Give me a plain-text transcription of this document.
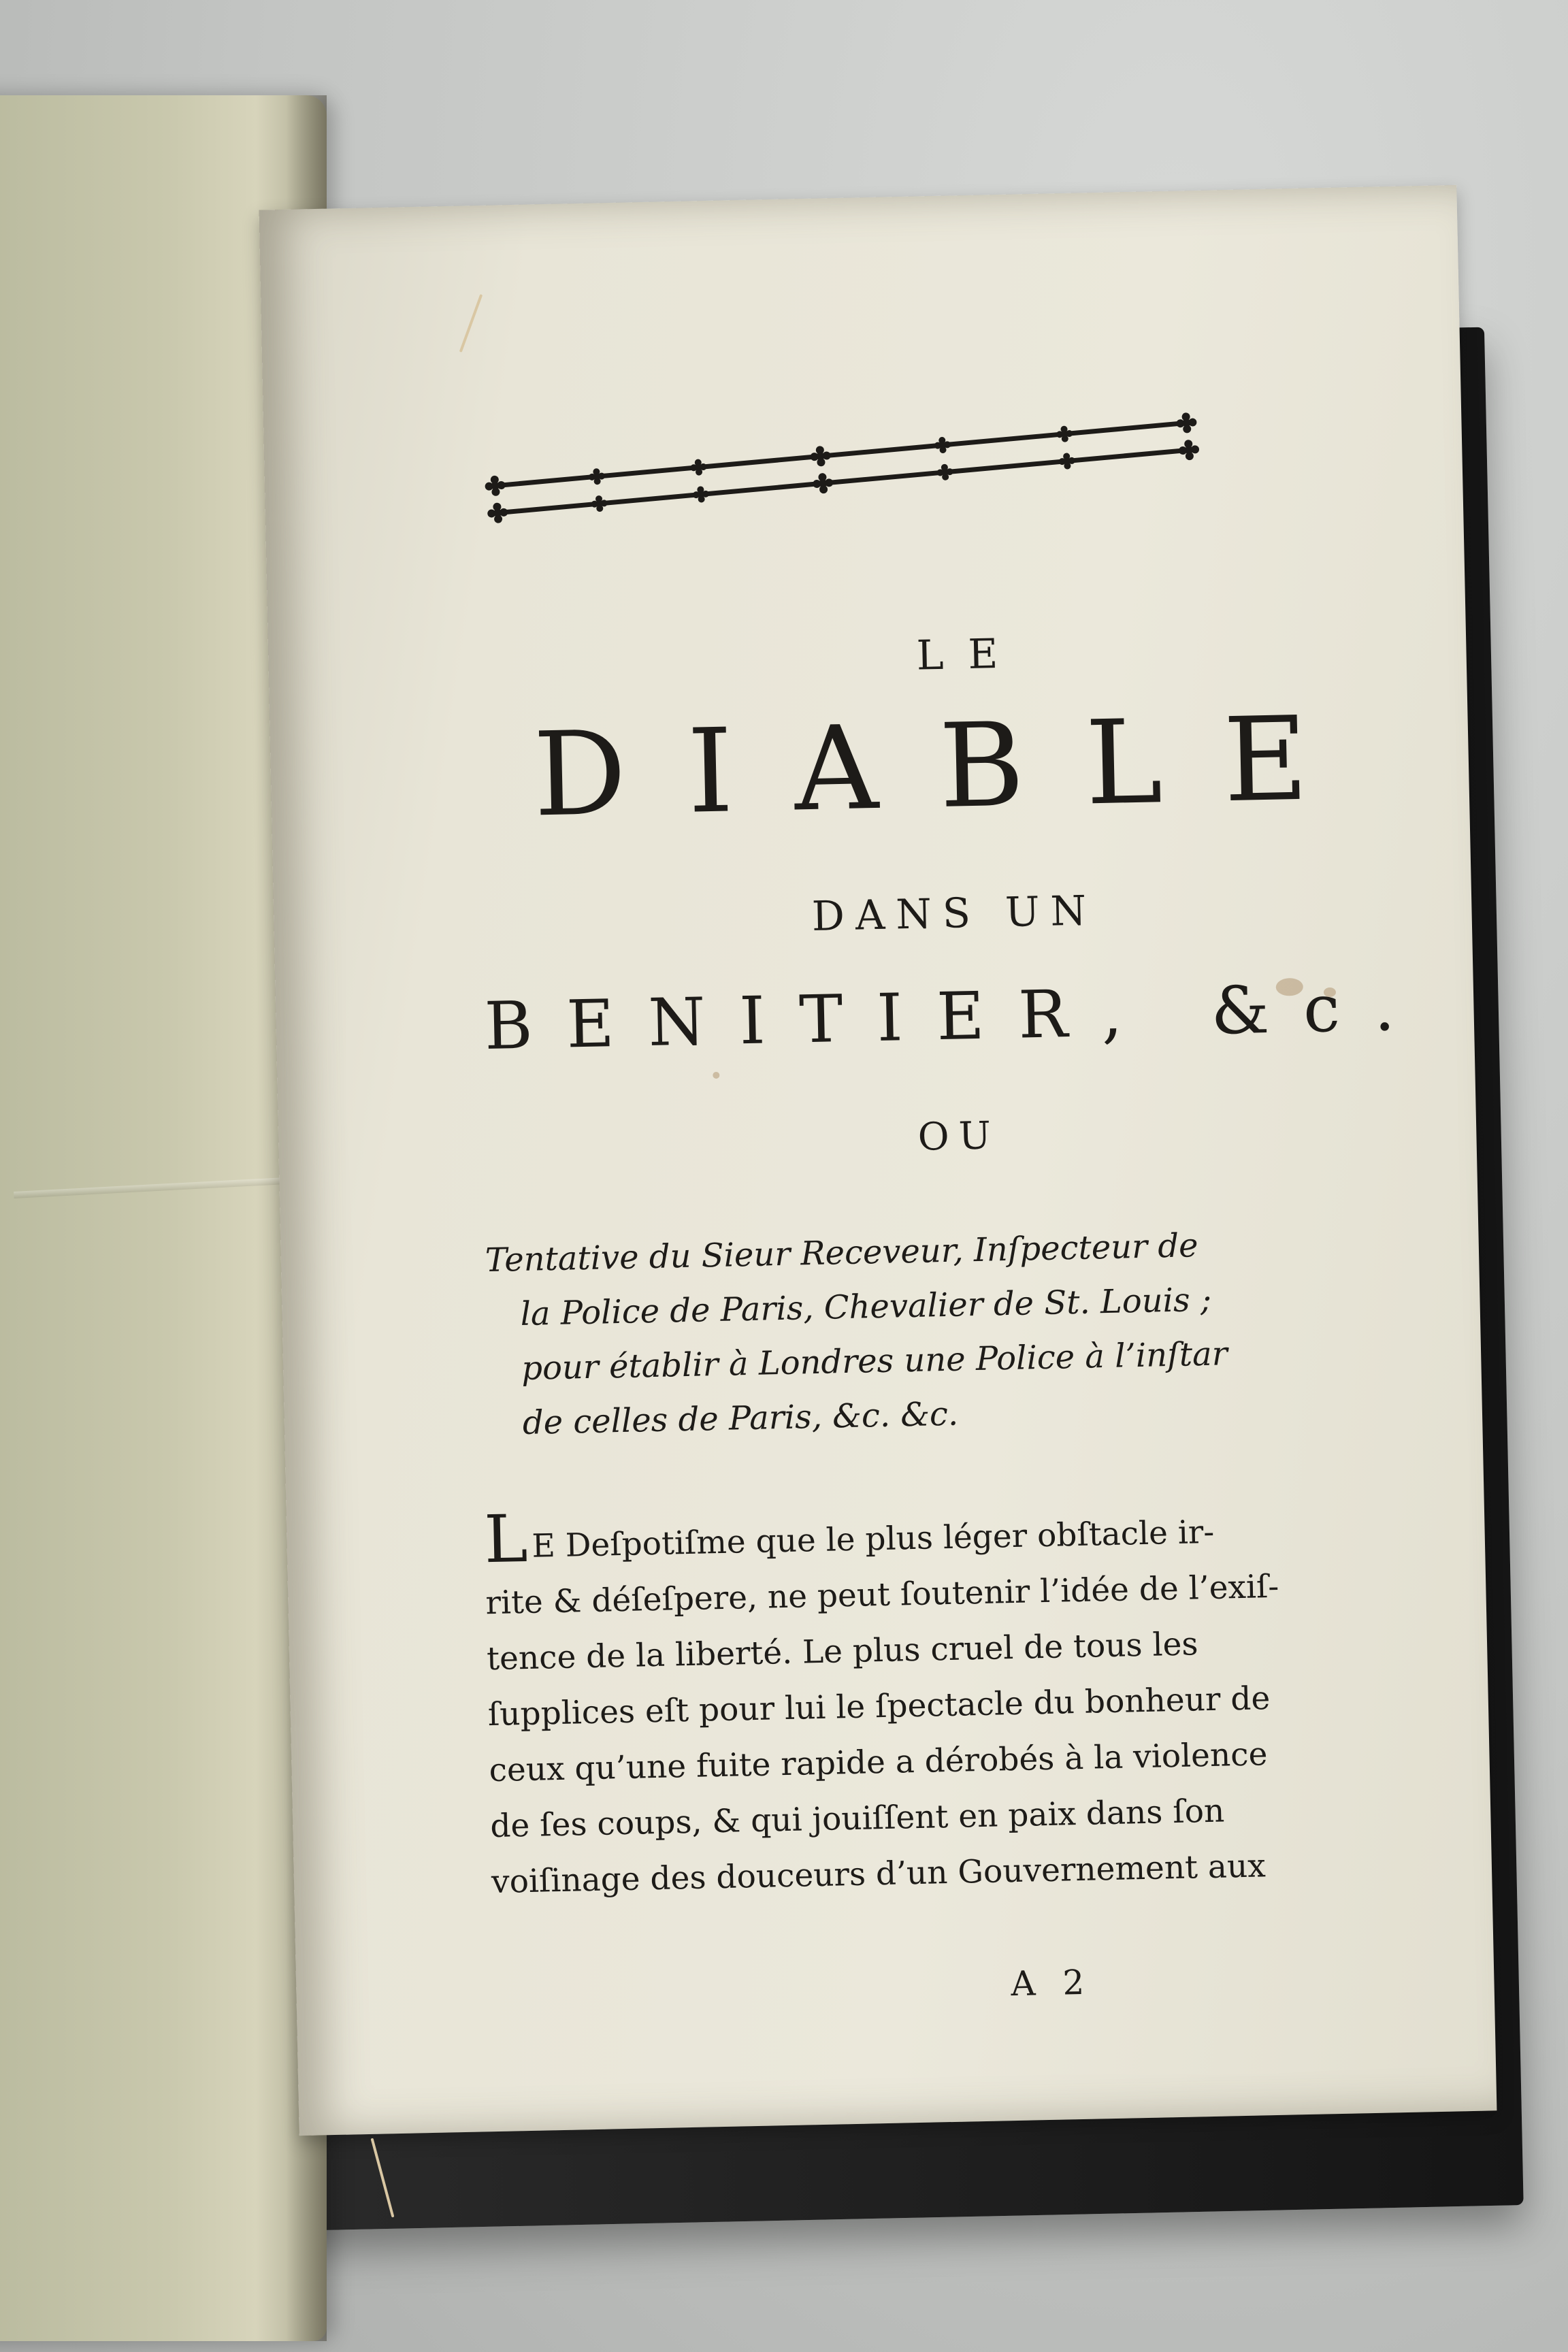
LE
DIABLE
DANS UN
BENITIER, &c.
OU
Tentative du Sieur Receveur, Inſpecteur de
la Police de Paris, Chevalier de St. Louis ;
pour établir à Londres une Police à l’inſtar
de celles de Paris, &c. &c.
LE Deſpotiſme que le plus léger obſtacle ir-
rite & déſeſpere, ne peut ſoutenir l’idée de l’exiſ-
tence de la liberté. Le plus cruel de tous les
ſupplices eſt pour lui le ſpectacle du bonheur de
ceux qu’une fuite rapide a dérobés à la violence
de ſes coups, & qui jouiſſent en paix dans ſon
voiſinage des douceurs d’un Gouvernement aux
A 2
